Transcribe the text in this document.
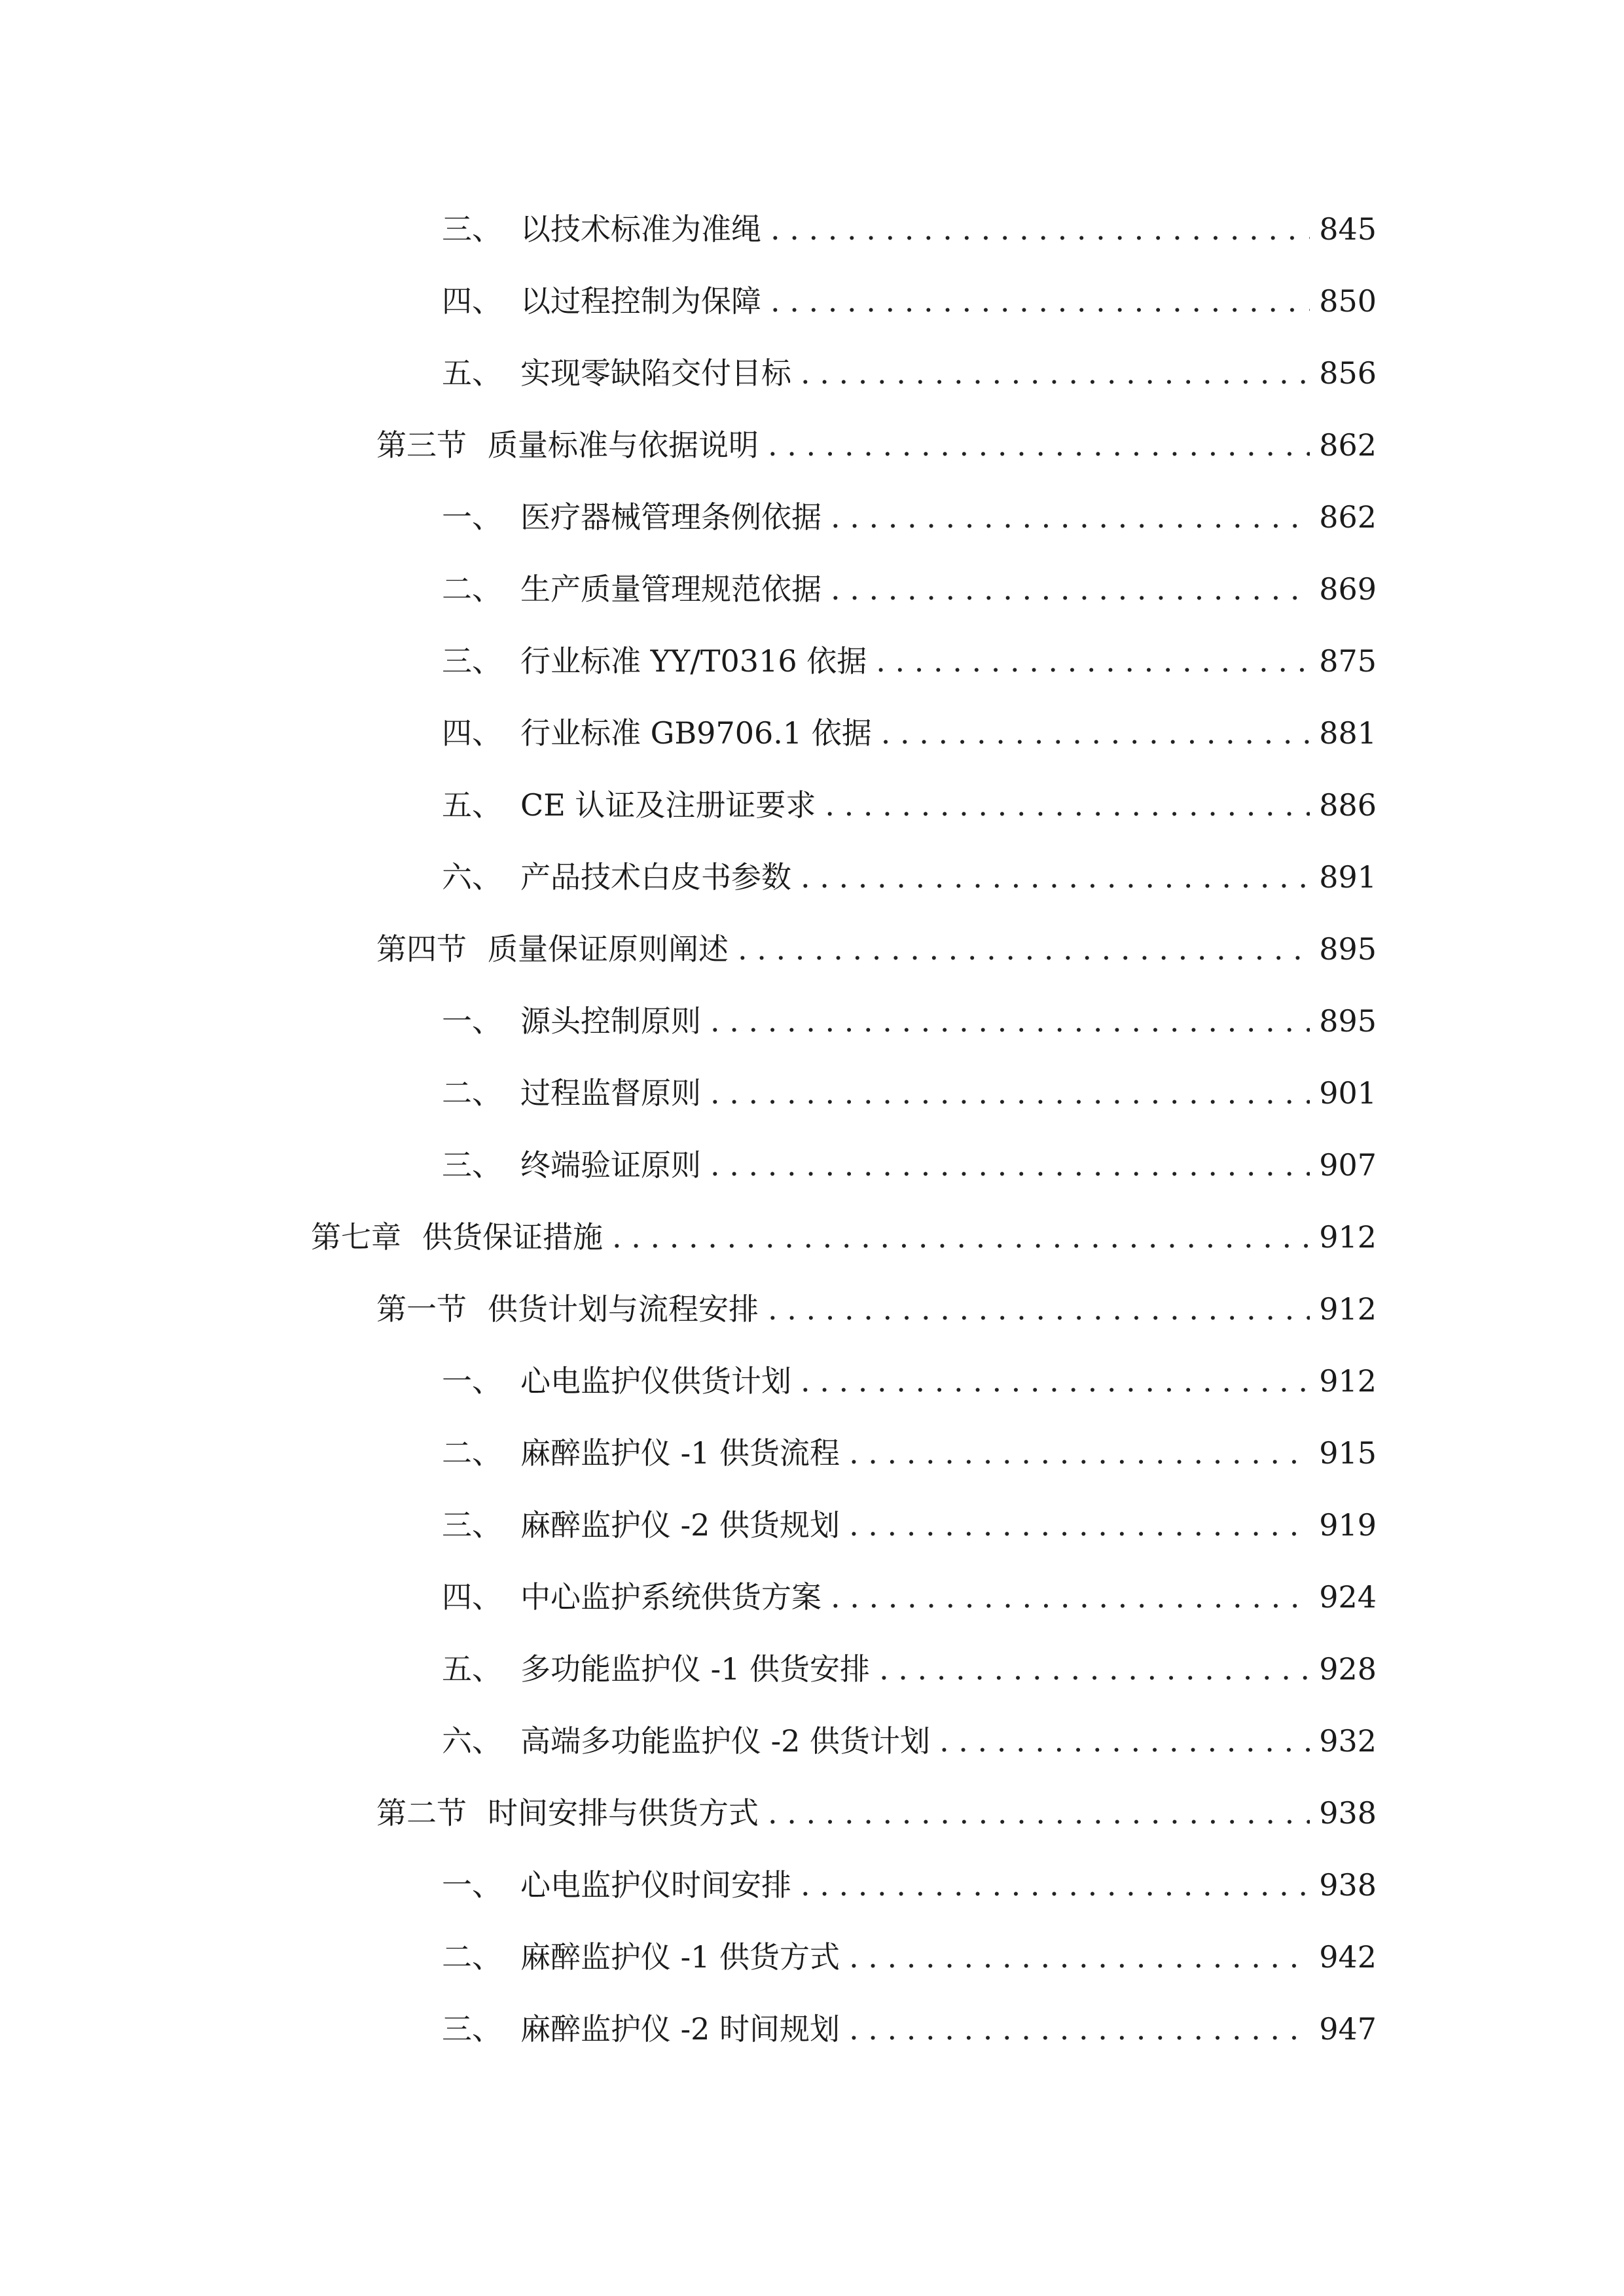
三、 以技术标准为准绳 . . .	845
四、 以过程控制为保障 . . .	850
五、 实现零缺陷交付目标 . . .	856
第三节 质量标准与依据说明 . . .	862
一、 医疗器械管理条例依据 . . .	862
二、 生产质量管理规范依据 . . .	869
三、 行业标准 YY/T0316 依据 . . .	875
四、 行业标准 GB9706.1 依据 . . .	881
五、 CE 认证及注册证要求 . . .	886
六、 产品技术白皮书参数 . . .	891
第四节 质量保证原则阐述 . . .	895
一、 源头控制原则 . . .	895
二、 过程监督原则 . . .	901
三、 终端验证原则 . . .	907
第七章 供货保证措施 . . .	912
第一节 供货计划与流程安排 . . .	912
一、 心电监护仪供货计划 . . .	912
二、 麻醉监护仪 -1 供货流程 . . .	915
三、 麻醉监护仪 -2 供货规划 . . .	919
四、 中心监护系统供货方案 . . .	924
五、 多功能监护仪 -1 供货安排 . . .	928
六、 高端多功能监护仪 -2 供货计划 . . .	932
第二节 时间安排与供货方式 . . .	938
一、 心电监护仪时间安排 . . .	938
二、 麻醉监护仪 -1 供货方式 . . .	942
三、 麻醉监护仪 -2 时间规划 . . .	947
